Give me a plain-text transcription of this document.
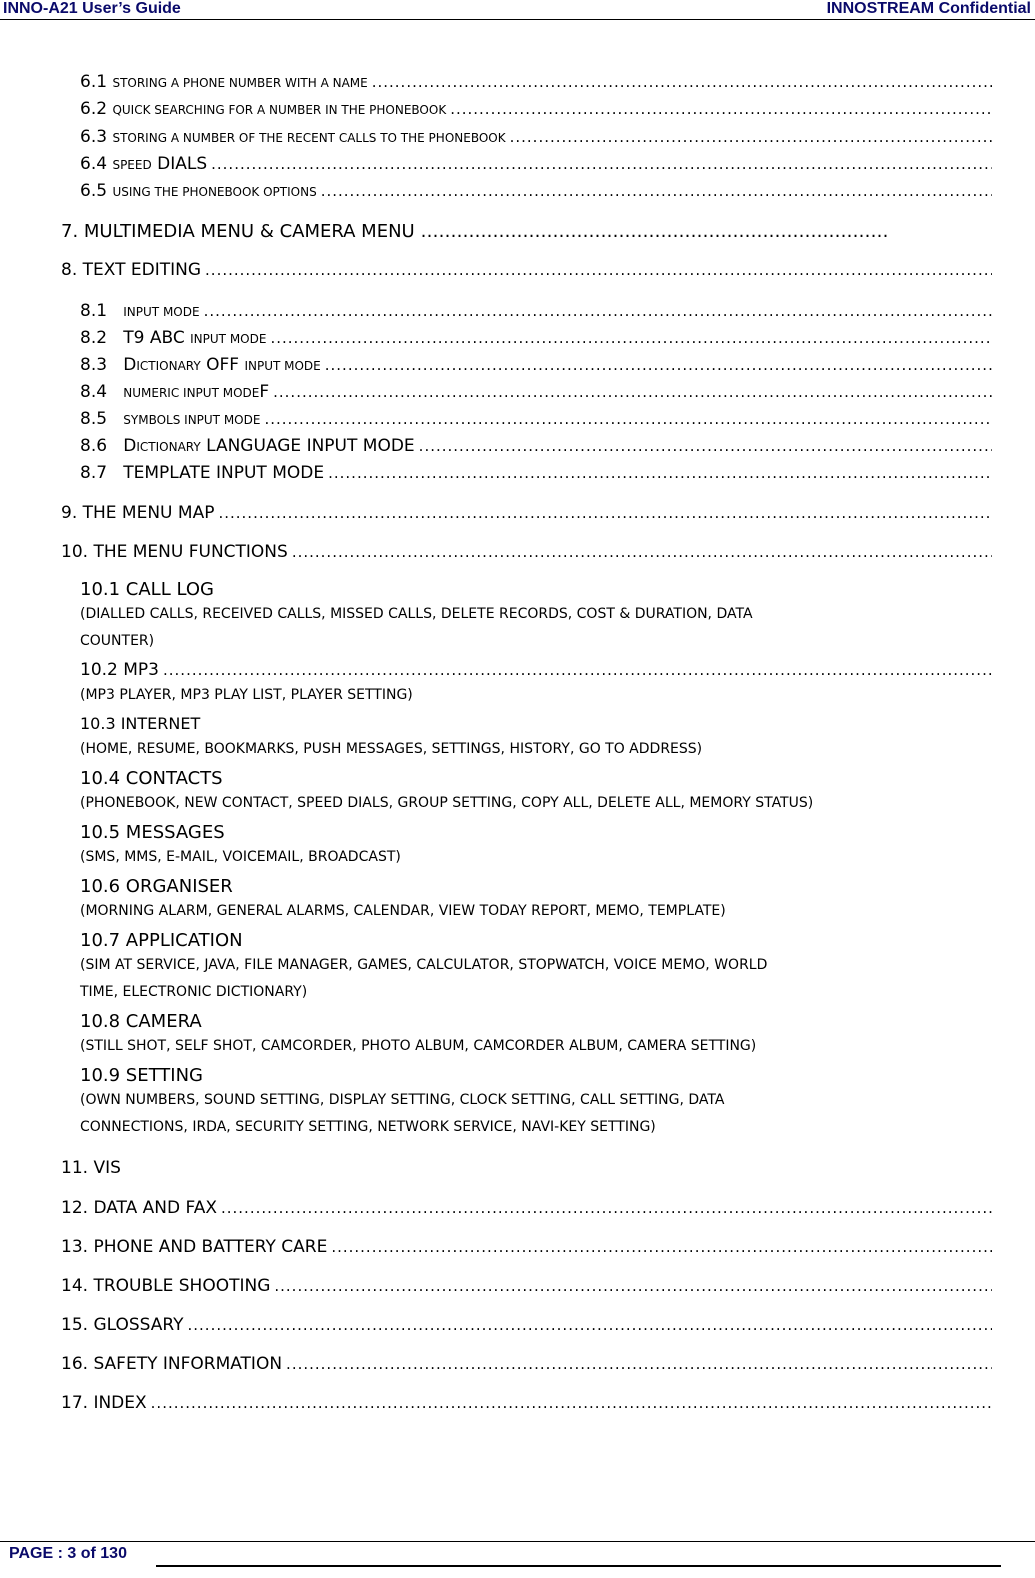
INNO-A21 User’s Guide	INNOSTREAM Confidential
6.1 STORING A PHONE NUMBER WITH A NAME
.....
6.2 QUICK SEARCHING FOR A NUMBER IN THE PHONEBOOK
.....
6.3 STORING A NUMBER OF THE RECENT CALLS TO THE PHONEBOOK
.....
6.4 SPEED DIALS
.....
6.5 USING THE PHONEBOOK OPTIONS
.....
7. MULTIMEDIA MENU & CAMERA MENU ……………………………………………………………………
8. TEXT EDITING
.....
8.1 INPUT MODE
.....
8.2 T9 ABC INPUT MODE
.....
8.3 DICTIONARY OFF INPUT MODE
.....
8.4 NUMERIC INPUT MODEF
.....
8.5 SYMBOLS INPUT MODE
.....
8.6 DICTIONARY LANGUAGE INPUT MODE
.....
8.7 TEMPLATE INPUT MODE
.....
9. THE MENU MAP
.....
10. THE MENU FUNCTIONS
.....
10.1 CALL LOG
(DIALLED CALLS, RECEIVED CALLS, MISSED CALLS, DELETE RECORDS, COST & DURATION, DATA
COUNTER)
10.2 MP3
.....
(MP3 PLAYER, MP3 PLAY LIST, PLAYER SETTING)
10.3 INTERNET
(HOME, RESUME, BOOKMARKS, PUSH MESSAGES, SETTINGS, HISTORY, GO TO ADDRESS)
10.4 CONTACTS
(PHONEBOOK, NEW CONTACT, SPEED DIALS, GROUP SETTING, COPY ALL, DELETE ALL, MEMORY STATUS)
10.5 MESSAGES
(SMS, MMS, E-MAIL, VOICEMAIL, BROADCAST)
10.6 ORGANISER
(MORNING ALARM, GENERAL ALARMS, CALENDAR, VIEW TODAY REPORT, MEMO, TEMPLATE)
10.7 APPLICATION
(SIM AT SERVICE, JAVA, FILE MANAGER, GAMES, CALCULATOR, STOPWATCH, VOICE MEMO, WORLD
TIME, ELECTRONIC DICTIONARY)
10.8 CAMERA
(STILL SHOT, SELF SHOT, CAMCORDER, PHOTO ALBUM, CAMCORDER ALBUM, CAMERA SETTING)
10.9 SETTING
(OWN NUMBERS, SOUND SETTING, DISPLAY SETTING, CLOCK SETTING, CALL SETTING, DATA
CONNECTIONS, IRDA, SECURITY SETTING, NETWORK SERVICE, NAVI-KEY SETTING)
11. VIS
12. DATA AND FAX
.....
13. PHONE AND BATTERY CARE
.....
14. TROUBLE SHOOTING
.....
15. GLOSSARY
.....
16. SAFETY INFORMATION
.....
17. INDEX
.....
PAGE : 3 of 130
